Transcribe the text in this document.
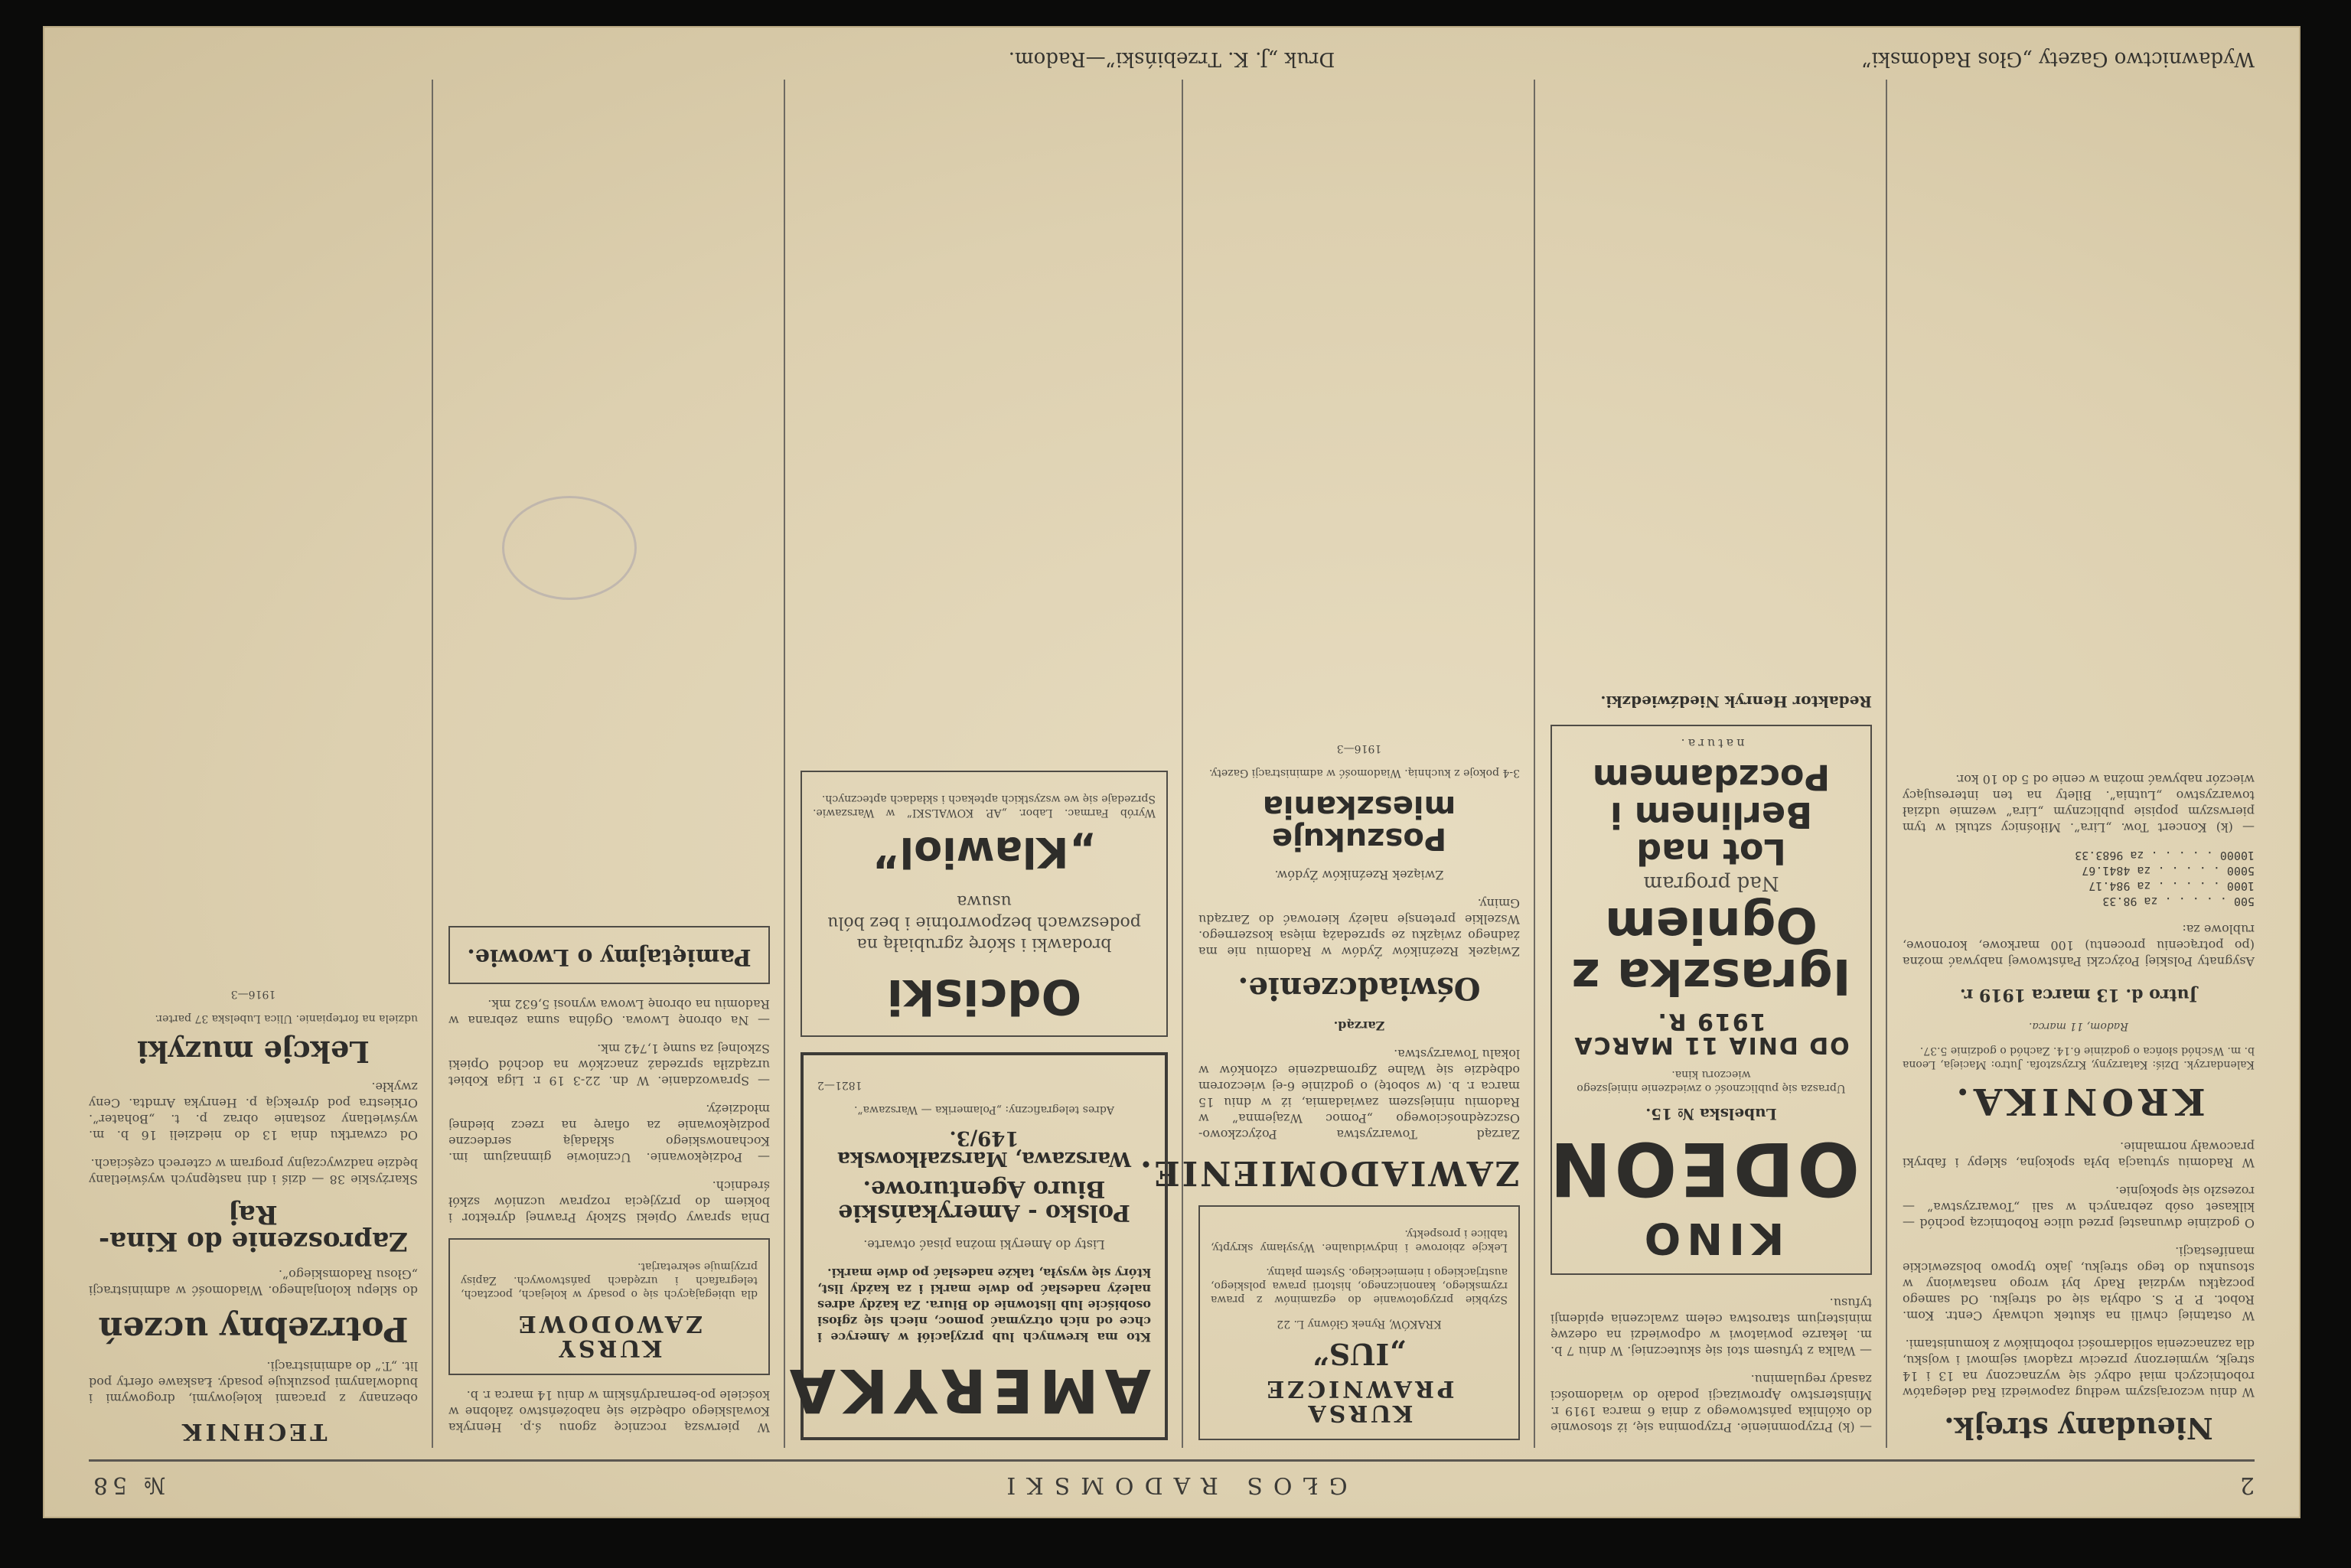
2
GŁOS RADOMSKI
№ 58
Nieudany strejk.

W dniu wczorajszym według zapowiedzi Rad delegatów robotniczych miał odbyć się wyznaczony na 13 i 14 strejk, wymierzony przeciw rządowi sejmowi i wojsku, dla zaznaczenia solidarności robotników z komunistami.

W ostatniej chwili na skutek uchwały Centr. Kom. Robot. P. P. S. odbyła się od strejku. Od samego początku wydział Rady był wrogo nastawiony w stosunku do tego strejku, jako typowo bolszewickie manifestacji.

O godzinie dwunastej przed ulice Robotniczą pochód — kilkaset osób zebranych w sali „Towarzystwa” — rozeszło się spokojnie.

W Radomiu sytuacja była spokojna, sklepy i fabryki pracowały normalnie.

KRONIKA.

Kalendarzyk. Dziś: Katarzyny, Krzysztofa. Jutro: Macieja, Leona b. m. Wschód słońca o godzinie 6.14. Zachód o godzinie 5.37.

Radom, 11 marca.

Jutro d. 13 marca 1919 r.

Asygnaty Polskiej Pożyczki Państwowej nabywać można (po potrąceniu procentu) 100 markowe, koronowe, rublowe za:

500 . . . . . za 98.33
1000 . . . . . za 984.17
5000 . . . . . za 4841.67
10000 . . . . . za 9683.33

— (k) Koncert Tow. „Lira”. Miłośnicy sztuki w tym pierwszym popisie publicznym „Lira” wezmie udział towarzystwo „Lutnia”. Bilety na ten interesujący wieczór nabywać można w cenie od 5 do 10 kor.

— (k) Przypomnienie. Przypomina się, iż stosownie do okólnika państwowego z dnia 6 marca 1919 r. Ministerstwo Aprowizacji podało do wiadomości zasady regulaminu.

— Walka z tyfusem stoi się skuteczniej. W dniu 7 b. m. lekarze powiatowi w odpowiedzi na odezwę ministerjum starostwa celem zwalczenia epidemji tyfusu.

KINO
ODEON
Lubelska № 15.

Uprasza się publiczność o zwiedzenie niniejszego wieczoru kina.

OD DNIA 11 MARCA 1919 R.
Igraszka z Ogniem
Nad program
Lot nad Berlinem i Poczdamem
natura.

Redaktor Henryk Niedźwiedzki.

KURSA PRAWNICZE
„IUS”
KRAKÓW, Rynek Główny L. 22

Szybkie przygotowanie do egzaminów z prawa rzymskiego, kanonicznego, historii prawa polskiego, austrjackiego i niemieckiego. System płatny.

Lekcje zbiorowe i indywidualne. Wysyłamy skrypty, tablice i prospekty.

ZAWIADOMIENIE.

Zarząd Towarzystwa Pożyczkowo-Oszczędnościowego „Pomoc Wzajemna” w Radomiu niniejszem zawiadamia, iż w dniu 15 marca r. b. (w sobotę) o godzinie 6-ej wieczorem odbędzie się Walne Zgromadzenie członków w lokalu Towarzystwa.

Zarząd.

Oświadczenie.

Związek Rzeźników Żydów w Radomiu nie ma żadnego związku ze sprzedażą mięsa koszernego. Wszelkie pretensje należy kierować do Zarządu Gminy.

Związek Rzeźników Żydów.

Poszukuje mieszkania

3-4 pokoje z kuchnią. Wiadomość w administracji Gazety.

1916—3

AMERYKA

Kto ma krewnych lub przyjaciół w Ameryce i chce od nich otrzymać pomoc, niech się zgłosi osobiście lub listownie do Biura. Za każdy adres należy nadesłać po dwie marki i za każdy list, który się wysyła, także nadesłać po dwie marki.

Listy do Ameryki można pisać otwarte.

Polsko - Amerykańskie Biuro Agenturowe.
Warszawa, Marszałkowska 149/3.

Adres telegraficzny: „Polamerika — Warszawa”.

1821—2

Odciski

brodawki i skórę zgrubiałą na podeszwach bezpowrotnie i bez bólu usuwa

„Klawiol”

Wyrób Farmac. Labor. „AP. KOWALSKI” w Warszawie. Sprzedaje się we wszystkich aptekach i składach aptecznych.

W pierwszą rocznicę zgonu ś.p. Henryka Kowalskiego odbędzie się nabożeństwo żałobne w kościele po-bernardyńskim w dniu 14 marca r. b.

KURSY ZAWODOWE

dla ubiegających się o posady w kolejach, pocztach, telegrafach i urzędach państwowych. Zapisy przyjmuje sekretarjat.

Dnia sprawy Opieki Szkoły Prawnej dyrektor i bokiem do przyjęcia rozpraw uczniów szkół średnich.

— Podziękowanie. Uczniowie gimnazjum im. Kochanowskiego składają serdeczne podziękowanie za ofiarę na rzecz biednej młodzieży.

— Sprawozdanie. W dn. 22-3 19 r. Liga Kobiet urządziła sprzedaż znaczków na dochód Opieki Szkolnej za sumę 1,742 mk.

— Na obronę Lwowa. Ogólna suma zebrana w Radomiu na obronę Lwowa wynosi 5,632 mk.

Pamiętajmy o Lwowie.
TECHNIK

obeznany z pracami kolejowymi, drogowymi i budowlanymi poszukuje posady. Łaskawe oferty pod lit. „T.” do administracji.

Potrzebny uczeń

do sklepu kolonjalnego. Wiadomość w administracji „Głosu Radomskiego”.

Zaproszenie do Kina-Raj

Skarżyskie 38 — dziś i dni następnych wyświetlany będzie nadzwyczajny program w czterech częściach.

Od czwartku dnia 13 do niedzieli 16 b. m. wyświetlany zostanie obraz p. t. „Bohater”. Orkiestra pod dyrekcją p. Henryka Arndta. Ceny zwykłe.

Lekcje muzyki

udziela na fortepianie. Ulica Lubelska 37 parter.

1916—3

Wydawnictwo Gazety „Głos Radomski”
Druk „J. K. Trzebiński”—Radom.
